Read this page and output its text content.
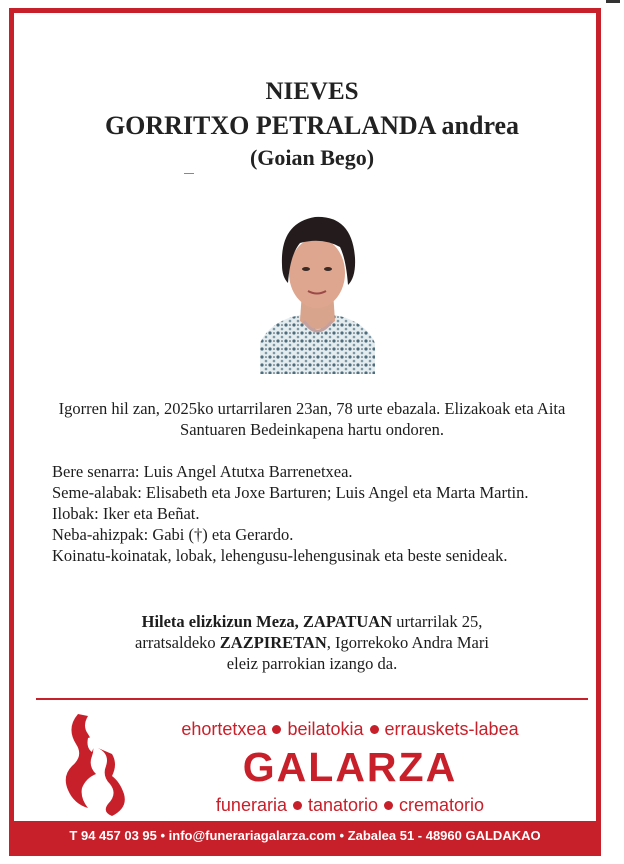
NIEVES
GORRITXO PETRALANDA andrea
(Goian Bego)
Igorren hil zan, 2025ko urtarrilaren 23an, 78 urte ebazala. Elizakoak eta Aita Santuaren Bedeinkapena hartu ondoren.
Bere senarra: Luis Angel Atutxa Barrenetxea.
Seme-alabak: Elisabeth eta Joxe Barturen; Luis Angel eta Marta Martin.
Ilobak: Iker eta Beñat.
Neba-ahizpak: Gabi (†) eta Gerardo.
Koinatu-koinatak, lobak, lehengusu-lehengusinak eta beste senideak.
Hileta elizkizun Meza, ZAPATUAN urtarrilak 25,
arratsaldeko ZAZPIRETAN, Igorrekoko Andra Mari
eleiz parrokian izango da.
ehortetxea beilatokia errauskets-labea
GALARZA
funeraria tanatorio crematorio
T 94 457 03 95 • info@funerariagalarza.com • Zabalea 51 - 48960 GALDAKAO
